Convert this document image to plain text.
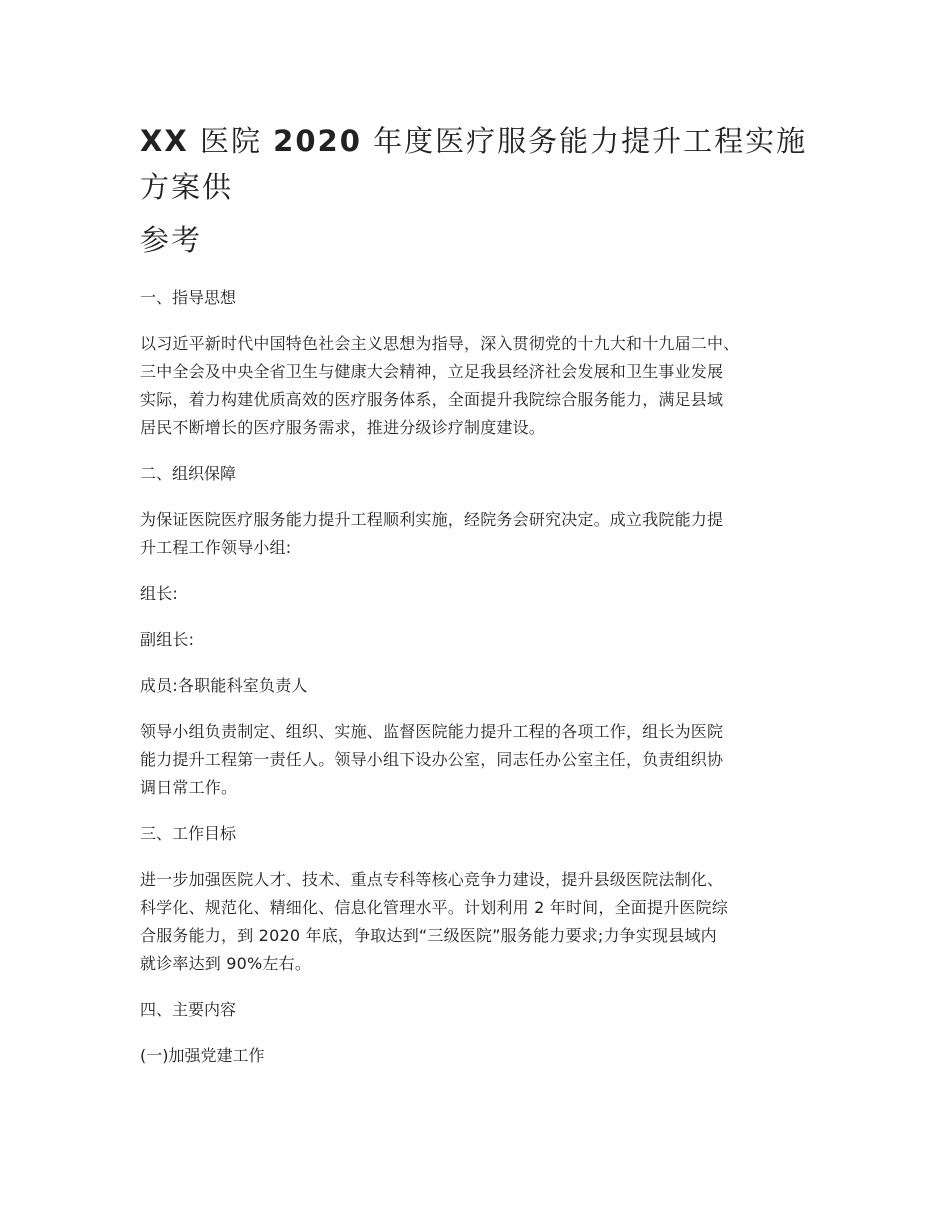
XX 医院 2020 年度医疗服务能力提升工程实施
方案供
参考
一、指导思想
以习近平新时代中国特色社会主义思想为指导，深入贯彻党的十九大和十九届二中、
三中全会及中央全省卫生与健康大会精神，立足我县经济社会发展和卫生事业发展
实际，着力构建优质高效的医疗服务体系，全面提升我院综合服务能力，满足县域
居民不断增长的医疗服务需求，推进分级诊疗制度建设。
二、组织保障
为保证医院医疗服务能力提升工程顺利实施，经院务会研究决定。成立我院能力提
升工程工作领导小组:
组长:
副组长:
成员:各职能科室负责人
领导小组负责制定、组织、实施、监督医院能力提升工程的各项工作，组长为医院
能力提升工程第一责任人。领导小组下设办公室，同志任办公室主任，负责组织协
调日常工作。
三、工作目标
进一步加强医院人才、技术、重点专科等核心竞争力建设，提升县级医院法制化、
科学化、规范化、精细化、信息化管理水平。计划利用 2 年时间，全面提升医院综
合服务能力，到 2020 年底，争取达到“三级医院”服务能力要求;力争实现县域内
就诊率达到 90%左右。
四、主要内容
(一)加强党建工作
